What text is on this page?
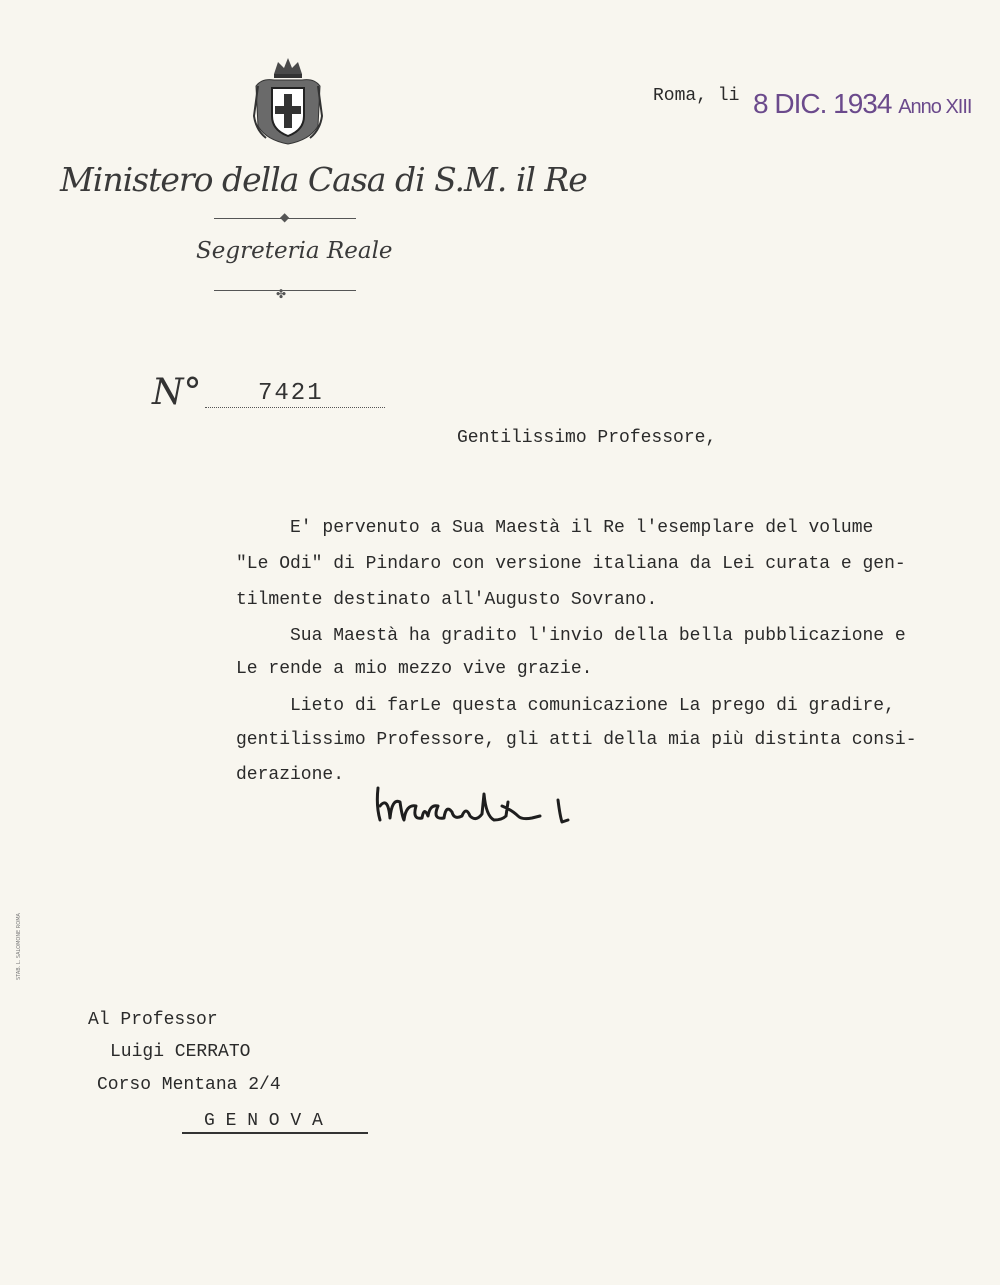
Ministero della Casa di S.M. il Re
◆
Segreteria Reale
✤
N° 7421
Roma, li 8 DIC. 1934 Anno XIII
Gentilissimo Professore,
E' pervenuto a Sua Maestà il Re l'esemplare del volume
"Le Odi" di Pindaro con versione italiana da Lei curata e gen-
tilmente destinato all'Augusto Sovrano.
Sua Maestà ha gradito l'invio della bella pubblicazione e
Le rende a mio mezzo vive grazie.
Lieto di farLe questa comunicazione La prego di gradire,
gentilissimo Professore, gli atti della mia più distinta consi-
derazione.
Al Professor
Luigi CERRATO
Corso Mentana 2/4
G E N O V A
STAB. L. SALOMONE ROMA
